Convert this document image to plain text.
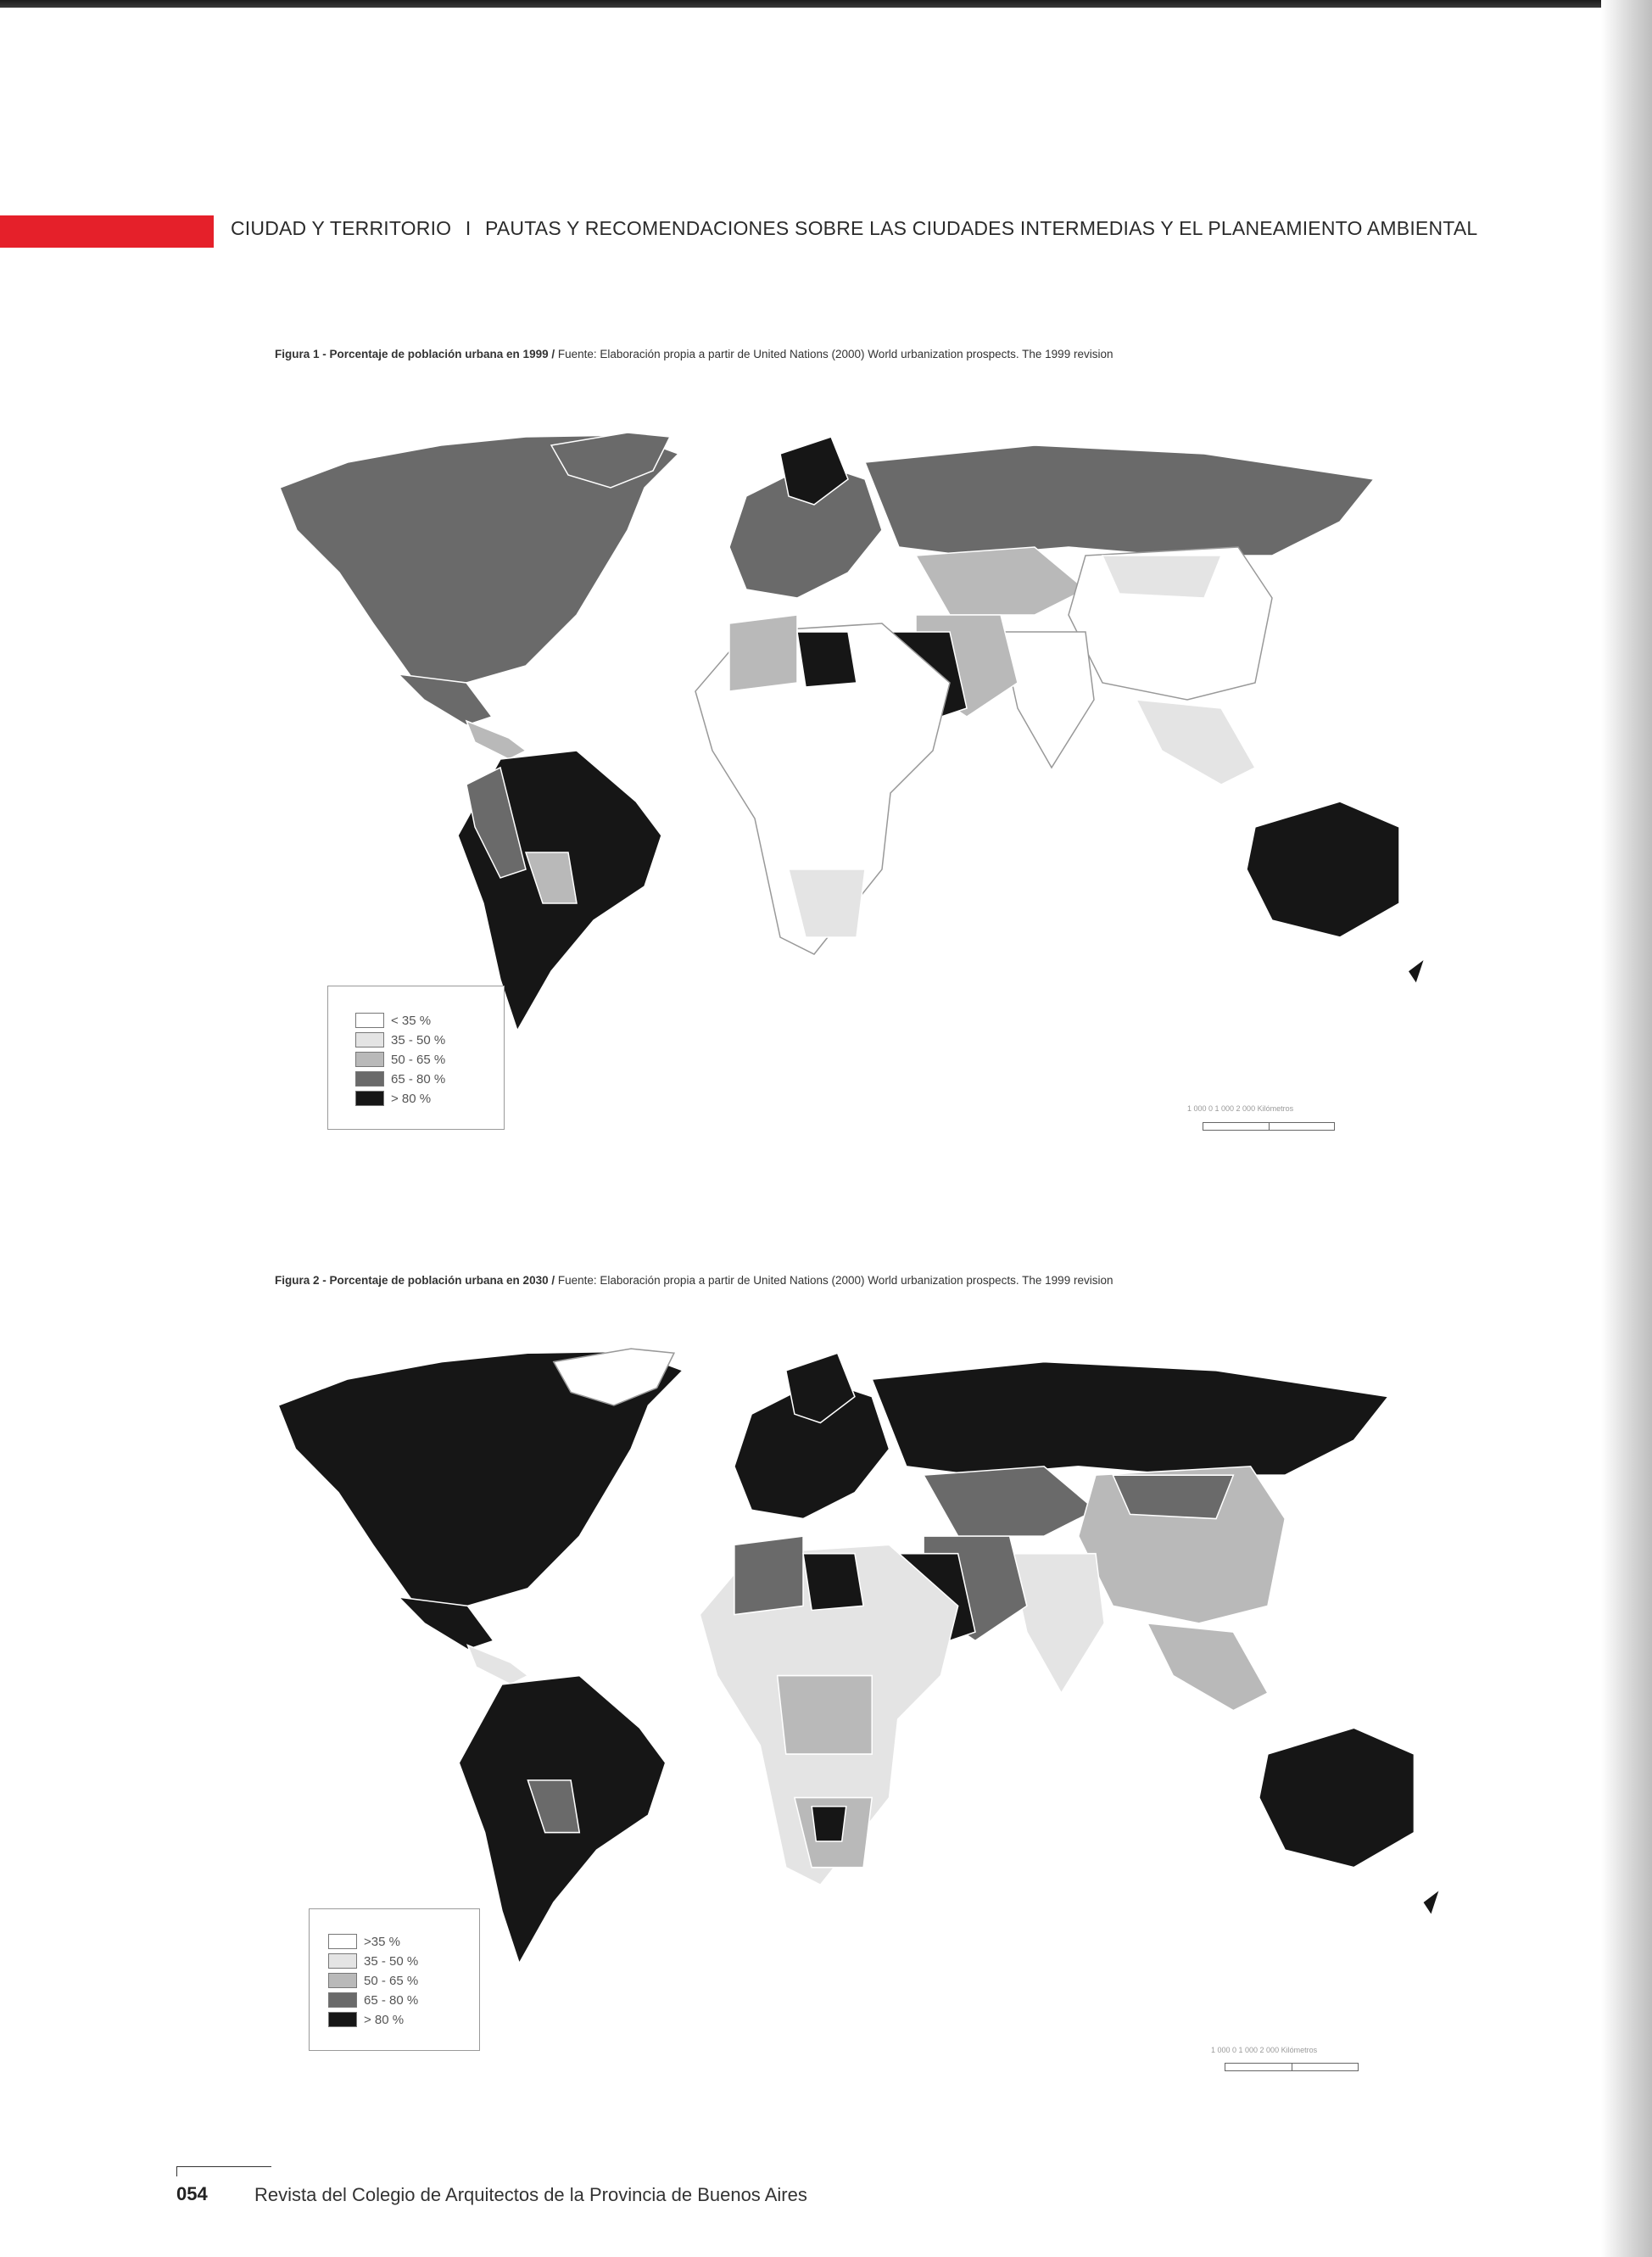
CIUDAD Y TERRITORIO I PAUTAS Y RECOMENDACIONES SOBRE LAS CIUDADES INTERMEDIAS Y EL PLANEAMIENTO AMBIENTAL
Figura 1 - Porcentaje de población urbana en 1999 / Fuente: Elaboración propia a partir de United Nations (2000) World urbanization prospects. The 1999 revision
< 35 %
35 - 50 %
50 - 65 %
65 - 80 %
> 80 %
1 000 0 1 000 2 000 Kilómetros
Figura 2 - Porcentaje de población urbana en 2030 / Fuente: Elaboración propia a partir de United Nations (2000) World urbanization prospects. The 1999 revision
>35 %
35 - 50 %
50 - 65 %
65 - 80 %
> 80 %
1 000 0 1 000 2 000 Kilómetros
054	Revista del Colegio de Arquitectos de la Provincia de Buenos Aires
